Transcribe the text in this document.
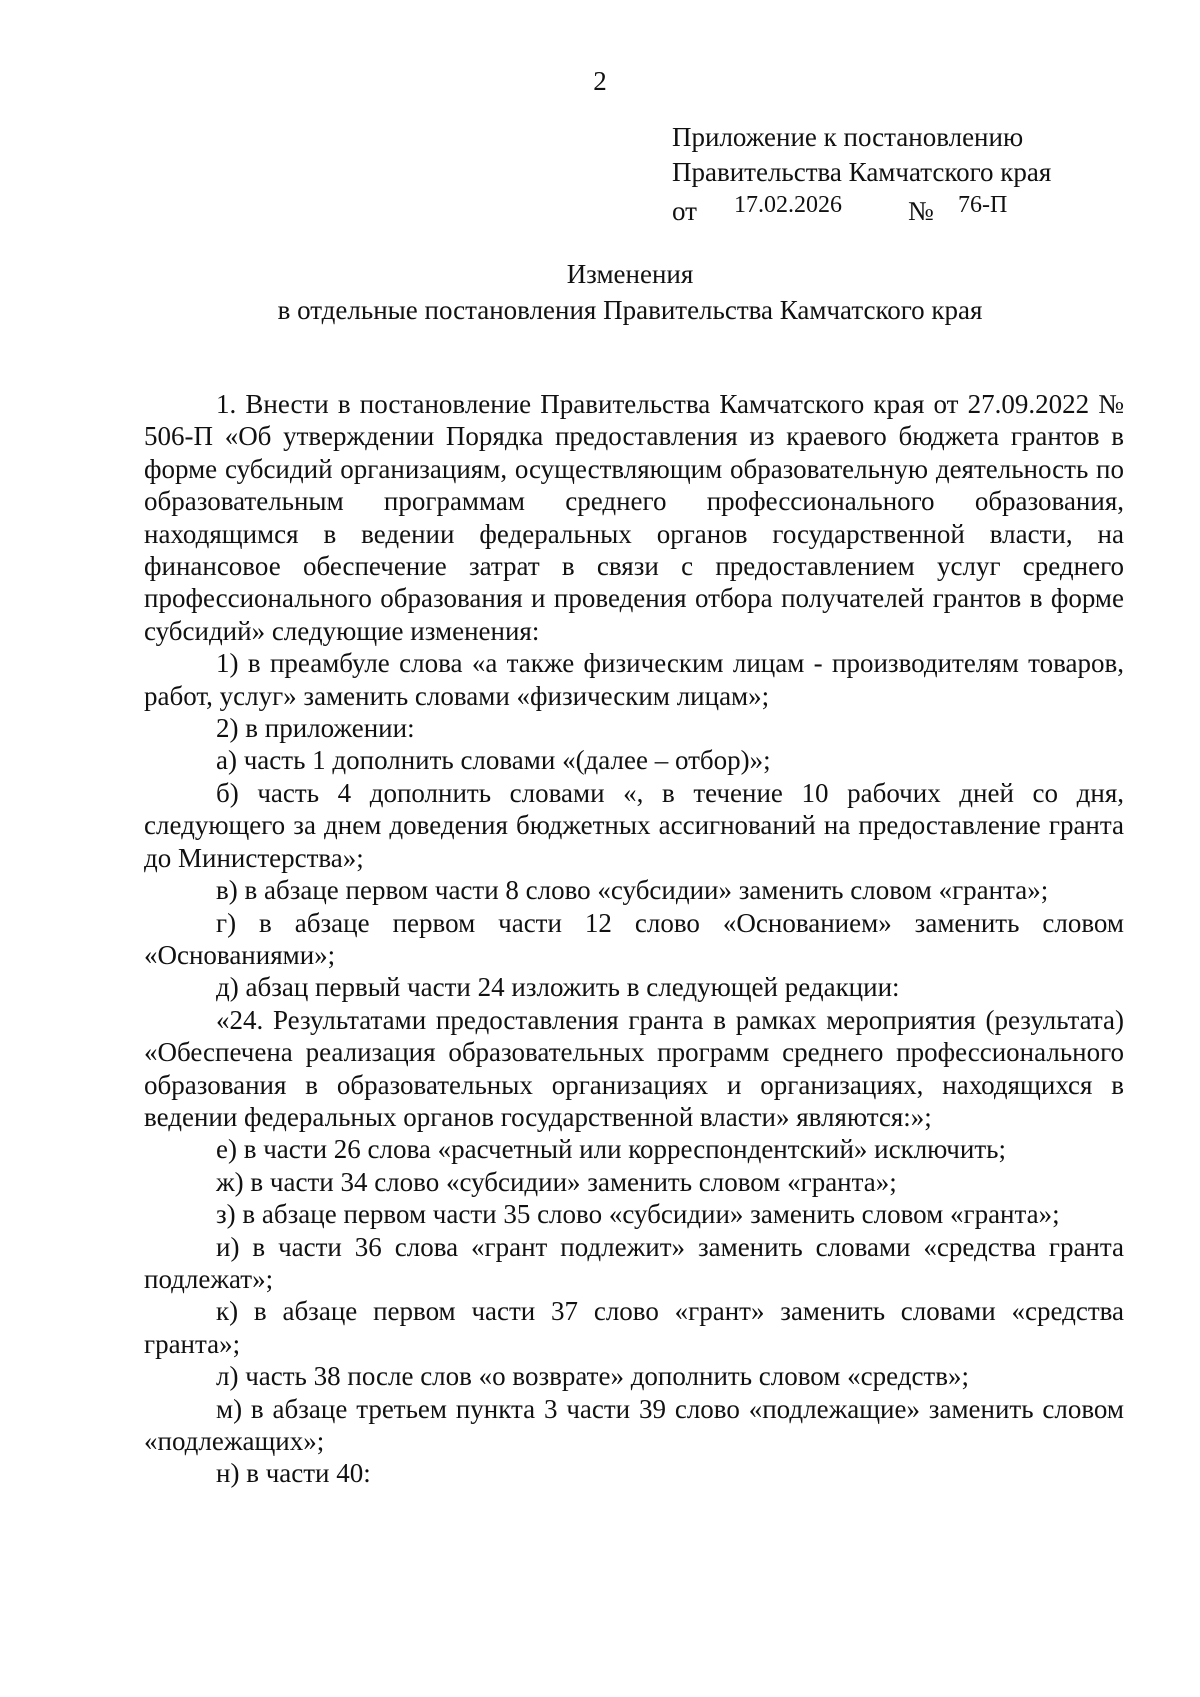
2
Приложение к постановлению
Правительства Камчатского края
от 17.02.2026 № 76-П
Изменения
в отдельные постановления Правительства Камчатского края

1. Внести в постановление Правительства Камчатского края от 27.09.2022 № 506-П «Об утверждении Порядка предоставления из краевого бюджета грантов в форме субсидий организациям, осуществляющим образовательную деятельность по образовательным программам среднего профессионального образования, находящимся в ведении федеральных органов государственной власти, на финансовое обеспечение затрат в связи с предоставлением услуг среднего профессионального образования и проведения отбора получателей грантов в форме субсидий» следующие изменения:

1) в преамбуле слова «а также физическим лицам - производителям товаров, работ, услуг» заменить словами «физическим лицам»;

2) в приложении:

а) часть 1 дополнить словами «(далее – отбор)»;

б) часть 4 дополнить словами «, в течение 10 рабочих дней со дня, следующего за днем доведения бюджетных ассигнований на предоставление гранта до Министерства»;

в) в абзаце первом части 8 слово «субсидии» заменить словом «гранта»;

г) в абзаце первом части 12 слово «Основанием» заменить словом «Основаниями»;

д) абзац первый части 24 изложить в следующей редакции:

«24. Результатами предоставления гранта в рамках мероприятия (результата) «Обеспечена реализация образовательных программ среднего профессионального образования в образовательных организациях и организациях, находящихся в ведении федеральных органов государственной власти» являются:»;

е) в части 26 слова «расчетный или корреспондентский» исключить;

ж) в части 34 слово «субсидии» заменить словом «гранта»;

з) в абзаце первом части 35 слово «субсидии» заменить словом «гранта»;

и) в части 36 слова «грант подлежит» заменить словами «средства гранта подлежат»;

к) в абзаце первом части 37 слово «грант» заменить словами «средства гранта»;

л) часть 38 после слов «о возврате» дополнить словом «средств»;

м) в абзаце третьем пункта 3 части 39 слово «подлежащие» заменить словом «подлежащих»;

н) в части 40:
